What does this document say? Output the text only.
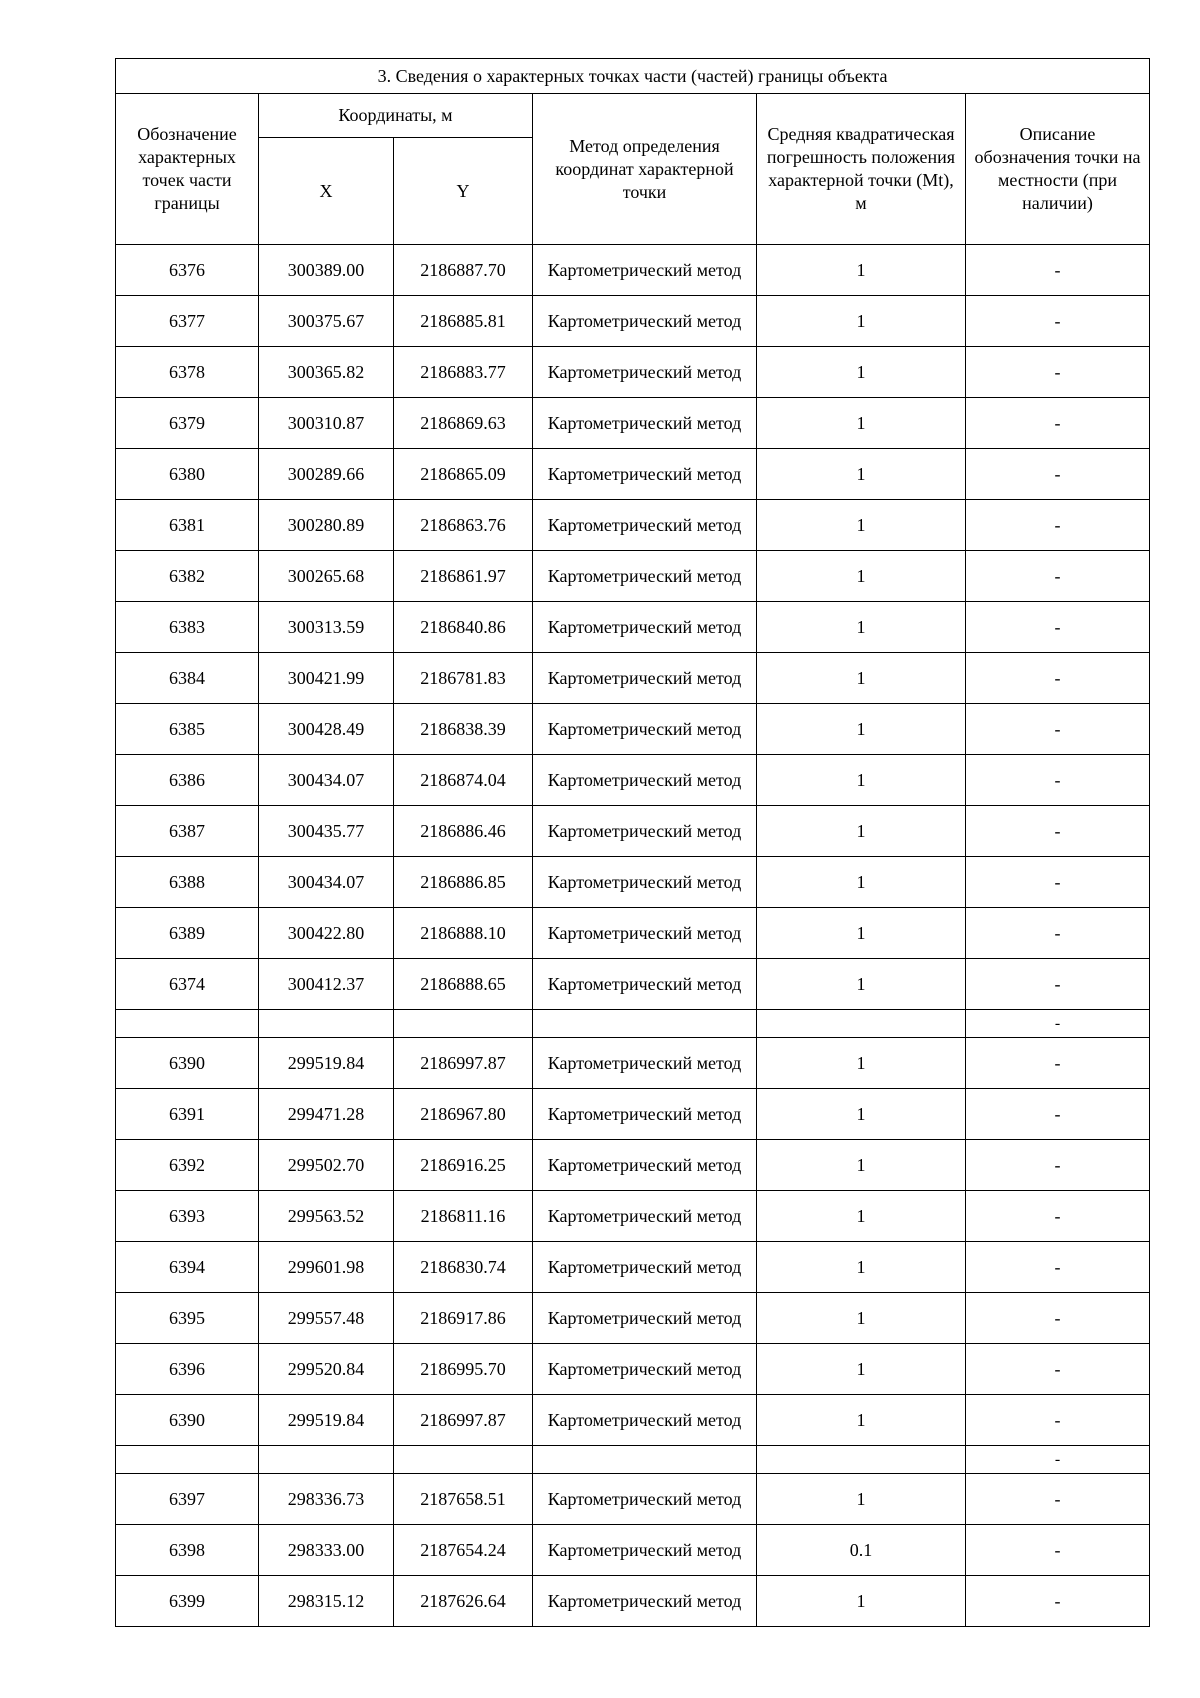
3. Сведения о характерных точках части (частей) границы объекта					
Обозначение характерных точек части границы	Координаты, м		Метод определения координат характерной точки	Средняя квадратическая погрешность положения характерной точки (Mt), м	Описание обозначения точки на местности (при наличии)
	X	Y			
6376	300389.00	2186887.70	Картометрический метод	1	-
6377	300375.67	2186885.81	Картометрический метод	1	-
6378	300365.82	2186883.77	Картометрический метод	1	-
6379	300310.87	2186869.63	Картометрический метод	1	-
6380	300289.66	2186865.09	Картометрический метод	1	-
6381	300280.89	2186863.76	Картометрический метод	1	-
6382	300265.68	2186861.97	Картометрический метод	1	-
6383	300313.59	2186840.86	Картометрический метод	1	-
6384	300421.99	2186781.83	Картометрический метод	1	-
6385	300428.49	2186838.39	Картометрический метод	1	-
6386	300434.07	2186874.04	Картометрический метод	1	-
6387	300435.77	2186886.46	Картометрический метод	1	-
6388	300434.07	2186886.85	Картометрический метод	1	-
6389	300422.80	2186888.10	Картометрический метод	1	-
6374	300412.37	2186888.65	Картометрический метод	1	-
					-
6390	299519.84	2186997.87	Картометрический метод	1	-
6391	299471.28	2186967.80	Картометрический метод	1	-
6392	299502.70	2186916.25	Картометрический метод	1	-
6393	299563.52	2186811.16	Картометрический метод	1	-
6394	299601.98	2186830.74	Картометрический метод	1	-
6395	299557.48	2186917.86	Картометрический метод	1	-
6396	299520.84	2186995.70	Картометрический метод	1	-
6390	299519.84	2186997.87	Картометрический метод	1	-
					-
6397	298336.73	2187658.51	Картометрический метод	1	-
6398	298333.00	2187654.24	Картометрический метод	0.1	-
6399	298315.12	2187626.64	Картометрический метод	1	-
